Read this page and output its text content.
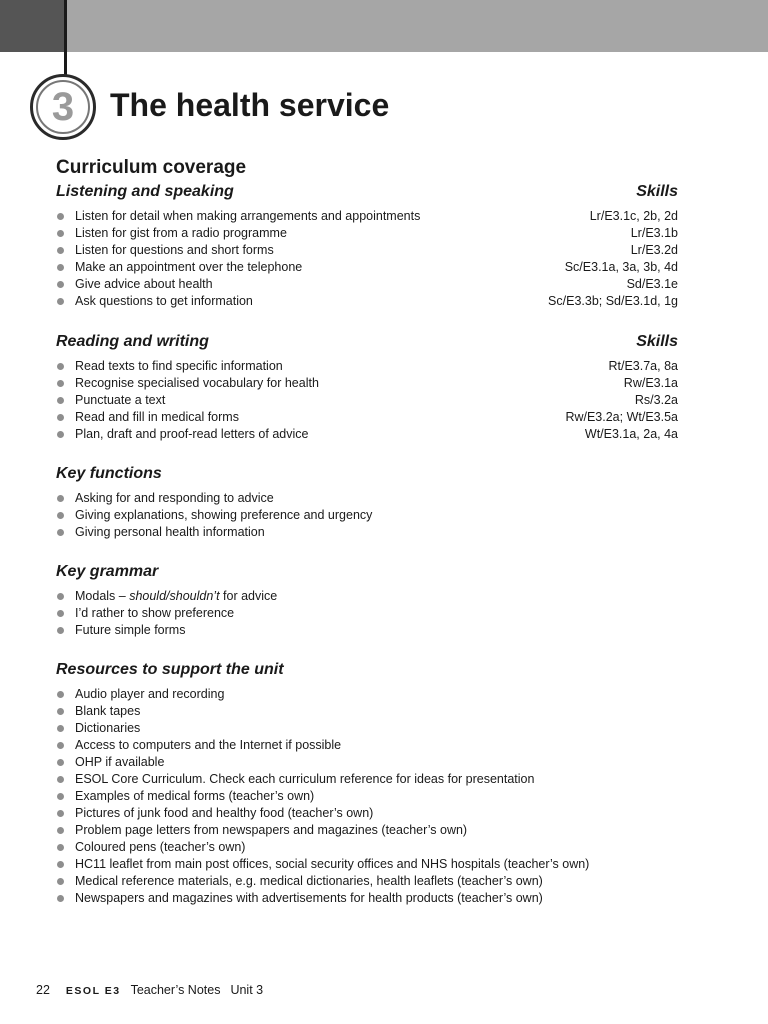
3 The health service
Curriculum coverage
Listening and speaking	Skills
Listen for detail when making arrangements and appointments	Lr/E3.1c, 2b, 2d
Listen for gist from a radio programme	Lr/E3.1b
Listen for questions and short forms	Lr/E3.2d
Make an appointment over the telephone	Sc/E3.1a, 3a, 3b, 4d
Give advice about health	Sd/E3.1e
Ask questions to get information	Sc/E3.3b; Sd/E3.1d, 1g
Reading and writing	Skills
Read texts to find specific information	Rt/E3.7a, 8a
Recognise specialised vocabulary for health	Rw/E3.1a
Punctuate a text	Rs/3.2a
Read and fill in medical forms	Rw/E3.2a; Wt/E3.5a
Plan, draft and proof-read letters of advice	Wt/E3.1a, 2a, 4a
Key functions
Asking for and responding to advice
Giving explanations, showing preference and urgency
Giving personal health information
Key grammar
Modals – should/shouldn’t for advice
I’d rather to show preference
Future simple forms
Resources to support the unit
Audio player and recording
Blank tapes
Dictionaries
Access to computers and the Internet if possible
OHP if available
ESOL Core Curriculum. Check each curriculum reference for ideas for presentation
Examples of medical forms (teacher’s own)
Pictures of junk food and healthy food (teacher’s own)
Problem page letters from newspapers and magazines (teacher’s own)
Coloured pens (teacher’s own)
HC11 leaflet from main post offices, social security offices and NHS hospitals (teacher’s own)
Medical reference materials, e.g. medical dictionaries, health leaflets (teacher’s own)
Newspapers and magazines with advertisements for health products (teacher’s own)
22 ESOL E3 Teacher’s Notes Unit 3
